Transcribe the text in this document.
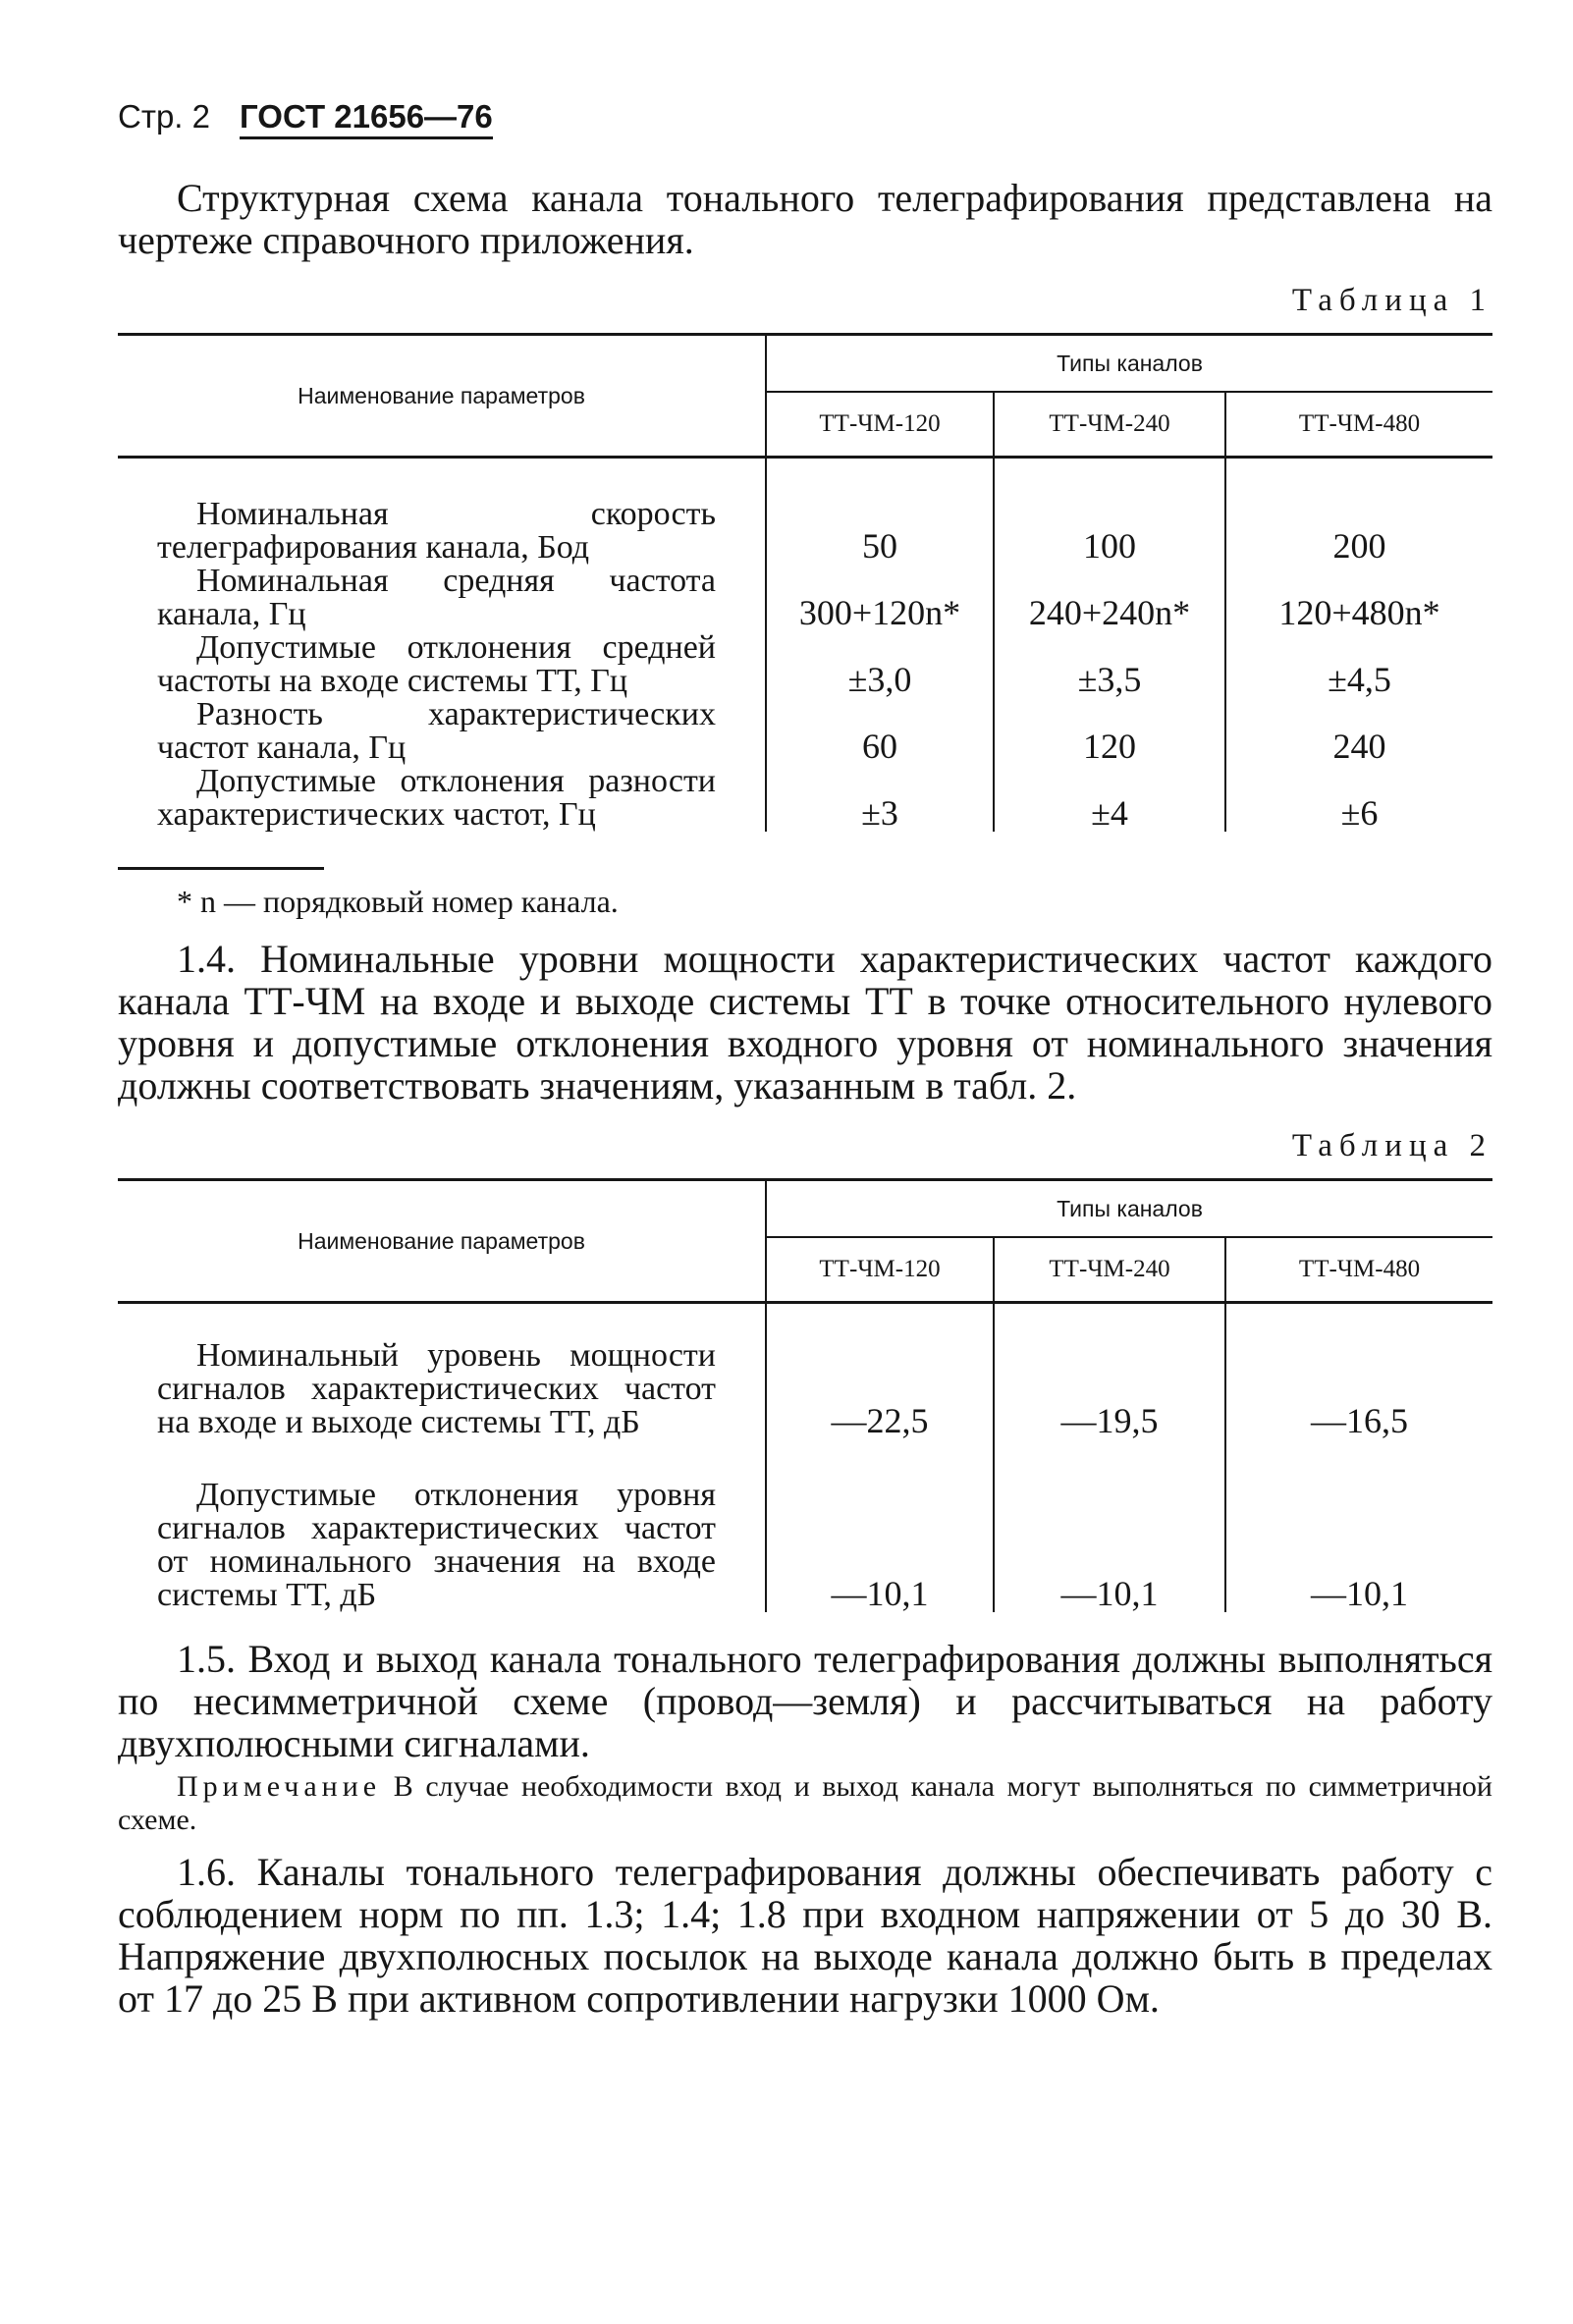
Стр. 2 ГОСТ 21656—76

Структурная схема канала тонального телеграфирования представлена на чертеже справочного приложения.

Таблица 1
Наименование параметров	Типы каналов		
	ТТ-ЧМ-120	ТТ-ЧМ-240	ТТ-ЧМ-480

Номинальная скорость телеграфирования канала, Бод	50	100	200

Номинальная средняя частота канала, Гц	300+120n*	240+240n*	120+480n*

Допустимые отклонения средней частоты на входе системы ТТ, Гц	±3,0	±3,5	±4,5

Разность характеристических частот канала, Гц	60	120	240

Допустимые отклонения разности характеристических частот, Гц	±3	±4	±6
* n — порядковый номер канала.

1.4. Номинальные уровни мощности характеристических частот каждого канала ТТ-ЧМ на входе и выходе системы ТТ в точке относительного нулевого уровня и допустимые отклонения входного уровня от номинального значения должны соответствовать значениям, указанным в табл. 2.

Таблица 2
Наименование параметров	Типы каналов		
	ТТ-ЧМ-120	ТТ-ЧМ-240	ТТ-ЧМ-480

Номинальный уровень мощности сигналов характеристических частот на входе и выходе системы ТТ, дБ	—22,5	—19,5	—16,5

Допустимые отклонения уровня сигналов характеристических частот от номинального значения на входе системы ТТ, дБ	—10,1	—10,1	—10,1

1.5. Вход и выход канала тонального телеграфирования должны выполняться по несимметричной схеме (провод—земля) и рассчитываться на работу двухполюсными сигналами.

Примечание В случае необходимости вход и выход канала могут выполняться по симметричной схеме.

1.6. Каналы тонального телеграфирования должны обеспечивать работу с соблюдением норм по пп. 1.3; 1.4; 1.8 при входном напряжении от 5 до 30 В. Напряжение двухполюсных посылок на выходе канала должно быть в пределах от 17 до 25 В при активном сопротивлении нагрузки 1000 Ом.
